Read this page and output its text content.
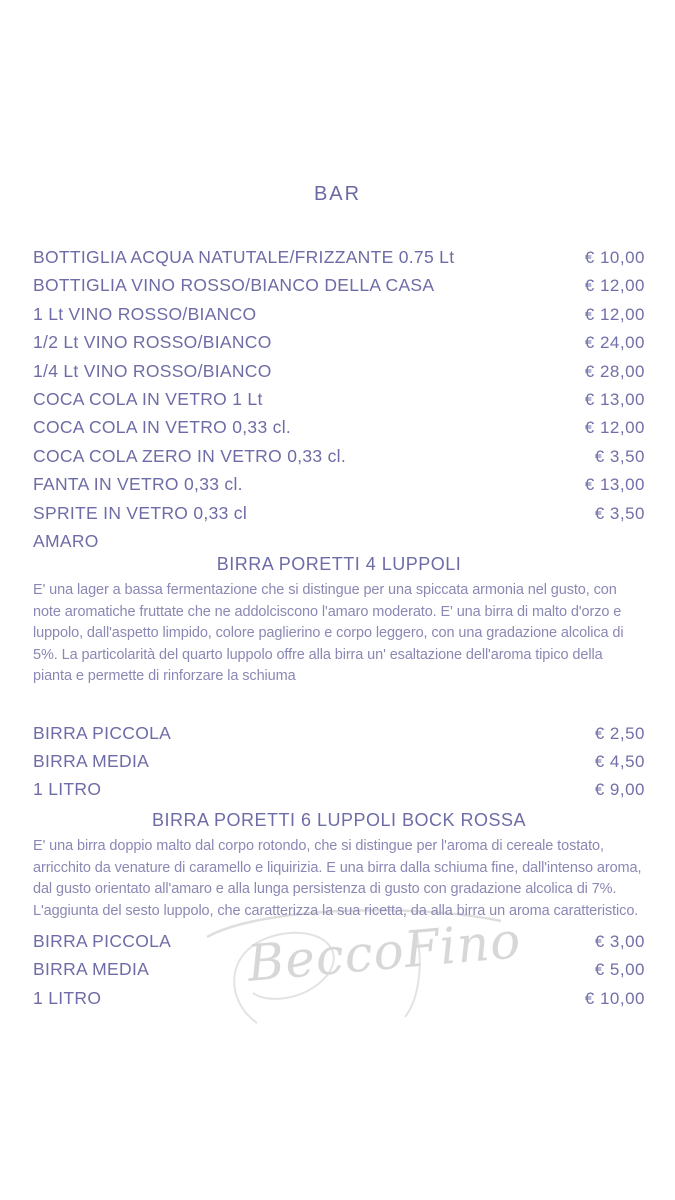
BeccoFino
BAR
BOTTIGLIA ACQUA NATUTALE/FRIZZANTE 0.75 Lt	€ 10,00
BOTTIGLIA VINO ROSSO/BIANCO DELLA CASA	€ 12,00
1 Lt VINO ROSSO/BIANCO	€ 12,00
1/2 Lt VINO ROSSO/BIANCO	€ 24,00
1/4 Lt VINO ROSSO/BIANCO	€ 28,00
COCA COLA IN VETRO 1 Lt	€ 13,00
COCA COLA IN VETRO 0,33 cl.	€ 12,00
COCA COLA ZERO IN VETRO 0,33 cl.	€ 3,50
FANTA IN VETRO 0,33 cl.	€ 13,00
SPRITE IN VETRO 0,33 cl	€ 3,50
AMARO
BIRRA PORETTI 4 LUPPOLI
E' una lager a bassa fermentazione che si distingue per una spiccata armonia nel gusto, con note aromatiche fruttate che ne addolciscono l'amaro moderato. E' una birra di malto d'orzo e luppolo, dall'aspetto limpido, colore paglierino e corpo leggero, con una gradazione alcolica di 5%. La particolarità del quarto luppolo offre alla birra un' esaltazione dell'aroma tipico della pianta e permette di rinforzare la schiuma
BIRRA PICCOLA	€ 2,50
BIRRA MEDIA	€ 4,50
1 LITRO	€ 9,00
BIRRA PORETTI 6 LUPPOLI BOCK ROSSA
E' una birra doppio malto dal corpo rotondo, che si distingue per l'aroma di cereale tostato, arricchito da venature di caramello e liquirizia. E una birra dalla schiuma fine, dall'intenso aroma, dal gusto orientato all'amaro e alla lunga persistenza di gusto con gradazione alcolica di 7%. L'aggiunta del sesto luppolo, che caratterizza la sua ricetta, da alla birra un aroma caratteristico.
BIRRA PICCOLA	€ 3,00
BIRRA MEDIA	€ 5,00
1 LITRO	€ 10,00
